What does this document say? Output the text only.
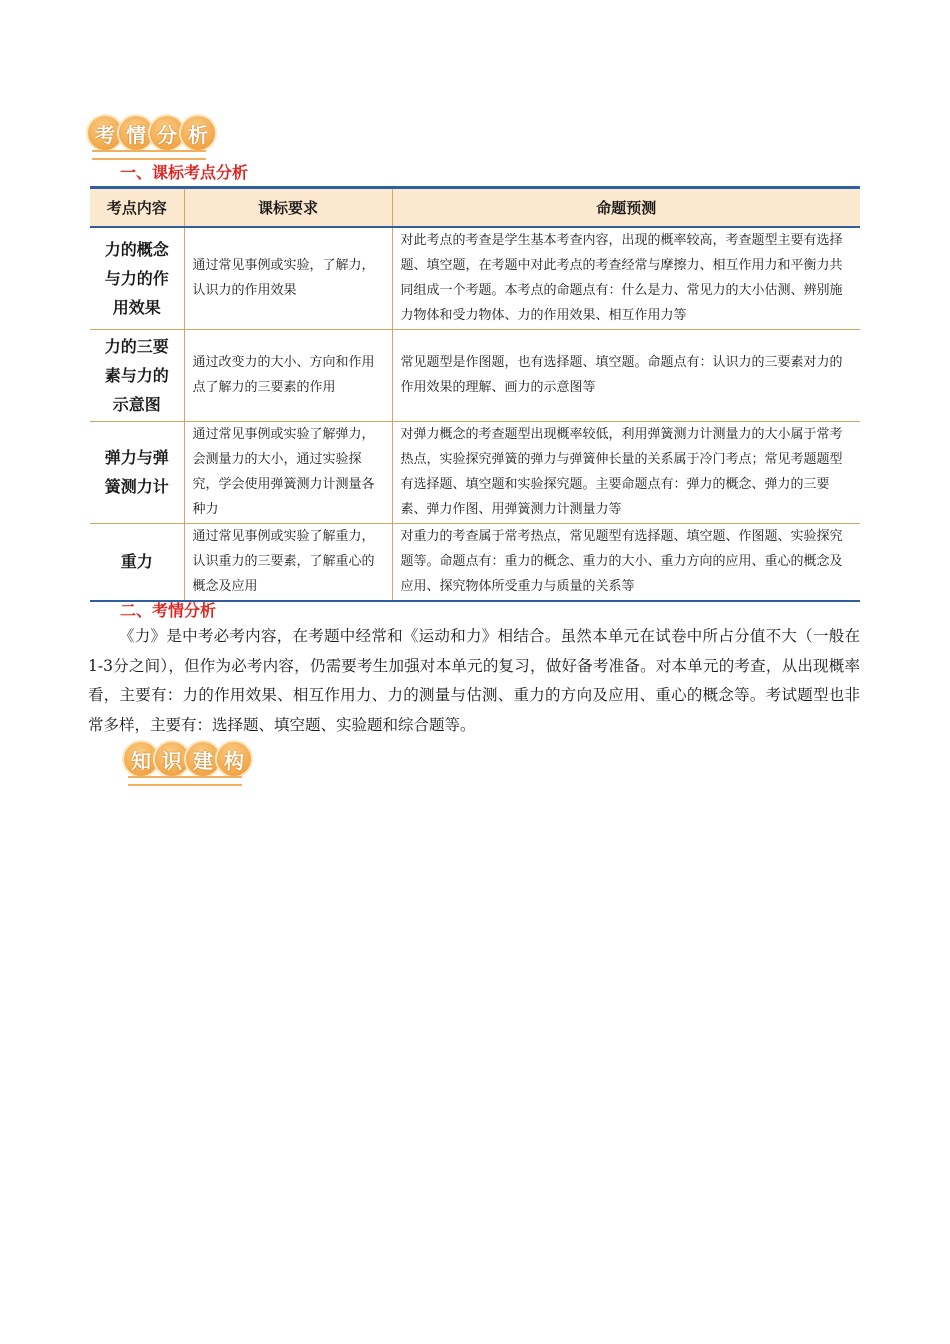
考 情 分 析
一、课标考点分析
考点内容	课标要求	命题预测
力的概念与力的作用效果	通过常见事例或实验，了解力，认识力的作用效果	对此考点的考查是学生基本考查内容，出现的概率较高，考查题型主要有选择题、填空题，在考题中对此考点的考查经常与摩擦力、相互作用力和平衡力共同组成一个考题。本考点的命题点有：什么是力、常见力的大小估测、辨别施力物体和受力物体、力的作用效果、相互作用力等
力的三要素与力的示意图	通过改变力的大小、方向和作用点了解力的三要素的作用	常见题型是作图题，也有选择题、填空题。命题点有：认识力的三要素对力的作用效果的理解、画力的示意图等
弹力与弹簧测力计	通过常见事例或实验了解弹力，会测量力的大小，通过实验探究，学会使用弹簧测力计测量各种力	对弹力概念的考查题型出现概率较低，利用弹簧测力计测量力的大小属于常考热点，实验探究弹簧的弹力与弹簧伸长量的关系属于冷门考点；常见考题题型有选择题、填空题和实验探究题。主要命题点有：弹力的概念、弹力的三要素、弹力作图、用弹簧测力计测量力等
重力	通过常见事例或实验了解重力，认识重力的三要素，了解重心的概念及应用	对重力的考查属于常考热点，常见题型有选择题、填空题、作图题、实验探究题等。命题点有：重力的概念、重力的大小、重力方向的应用、重心的概念及应用、探究物体所受重力与质量的关系等
二、考情分析

《力》是中考必考内容，在考题中经常和《运动和力》相结合。虽然本单元在试卷中所占分值不大（一般在1-3分之间），但作为必考内容，仍需要考生加强对本单元的复习，做好备考准备。对本单元的考查，从出现概率看，主要有：力的作用效果、相互作用力、力的测量与估测、重力的方向及应用、重心的概念等。考试题型也非常多样，主要有：选择题、填空题、实验题和综合题等。

知 识 建 构
